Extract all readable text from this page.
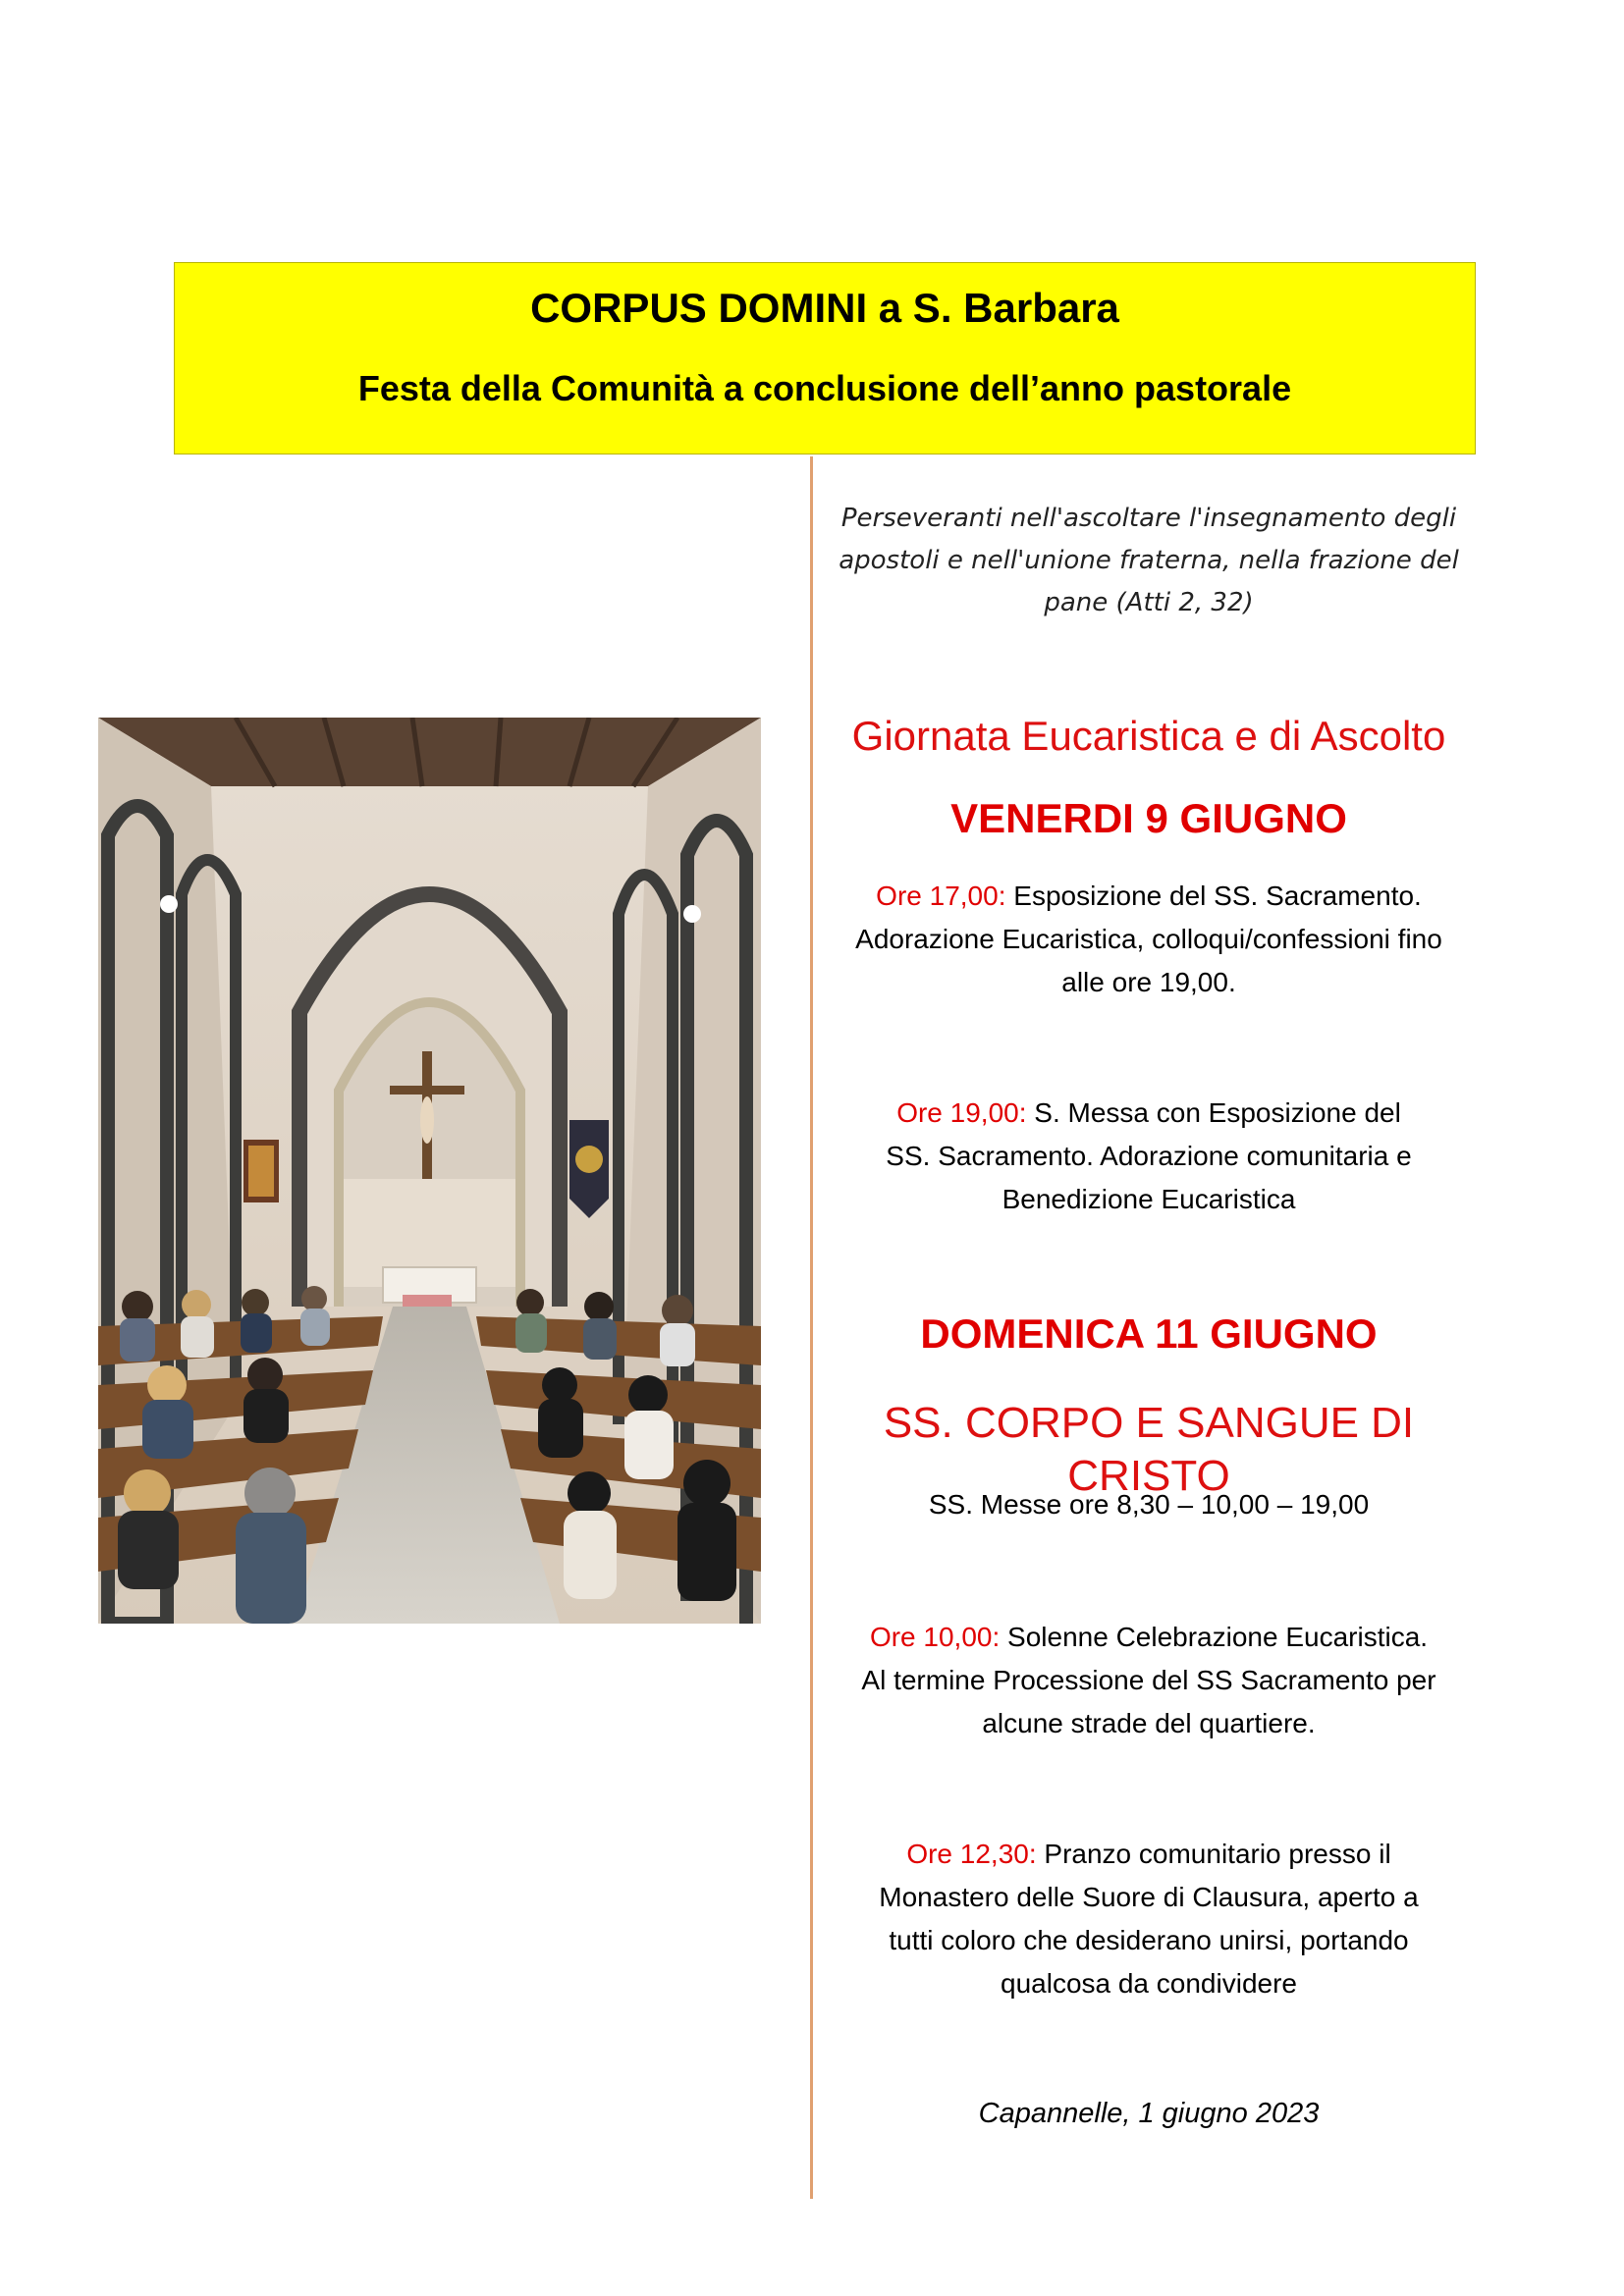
CORPUS DOMINI a S. Barbara
Festa della Comunità a conclusione dell’anno pastorale
Perseveranti nell'ascoltare l'insegnamento degli
apostoli e nell'unione fraterna, nella frazione del
pane (Atti 2, 32)
Giornata Eucaristica e di Ascolto
VENERDI 9 GIUGNO
Ore 17,00: Esposizione del SS. Sacramento.
Adorazione Eucaristica, colloqui/confessioni fino
alle ore 19,00.
Ore 19,00: S. Messa con Esposizione del
SS. Sacramento. Adorazione comunitaria e
Benedizione Eucaristica
DOMENICA 11 GIUGNO
SS. CORPO E SANGUE DI CRISTO
SS. Messe ore 8,30 – 10,00 – 19,00
Ore 10,00: Solenne Celebrazione Eucaristica.
Al termine Processione del SS Sacramento per
alcune strade del quartiere.
Ore 12,30: Pranzo comunitario presso il
Monastero delle Suore di Clausura, aperto a
tutti coloro che desiderano unirsi, portando
qualcosa da condividere
Capannelle, 1 giugno 2023
